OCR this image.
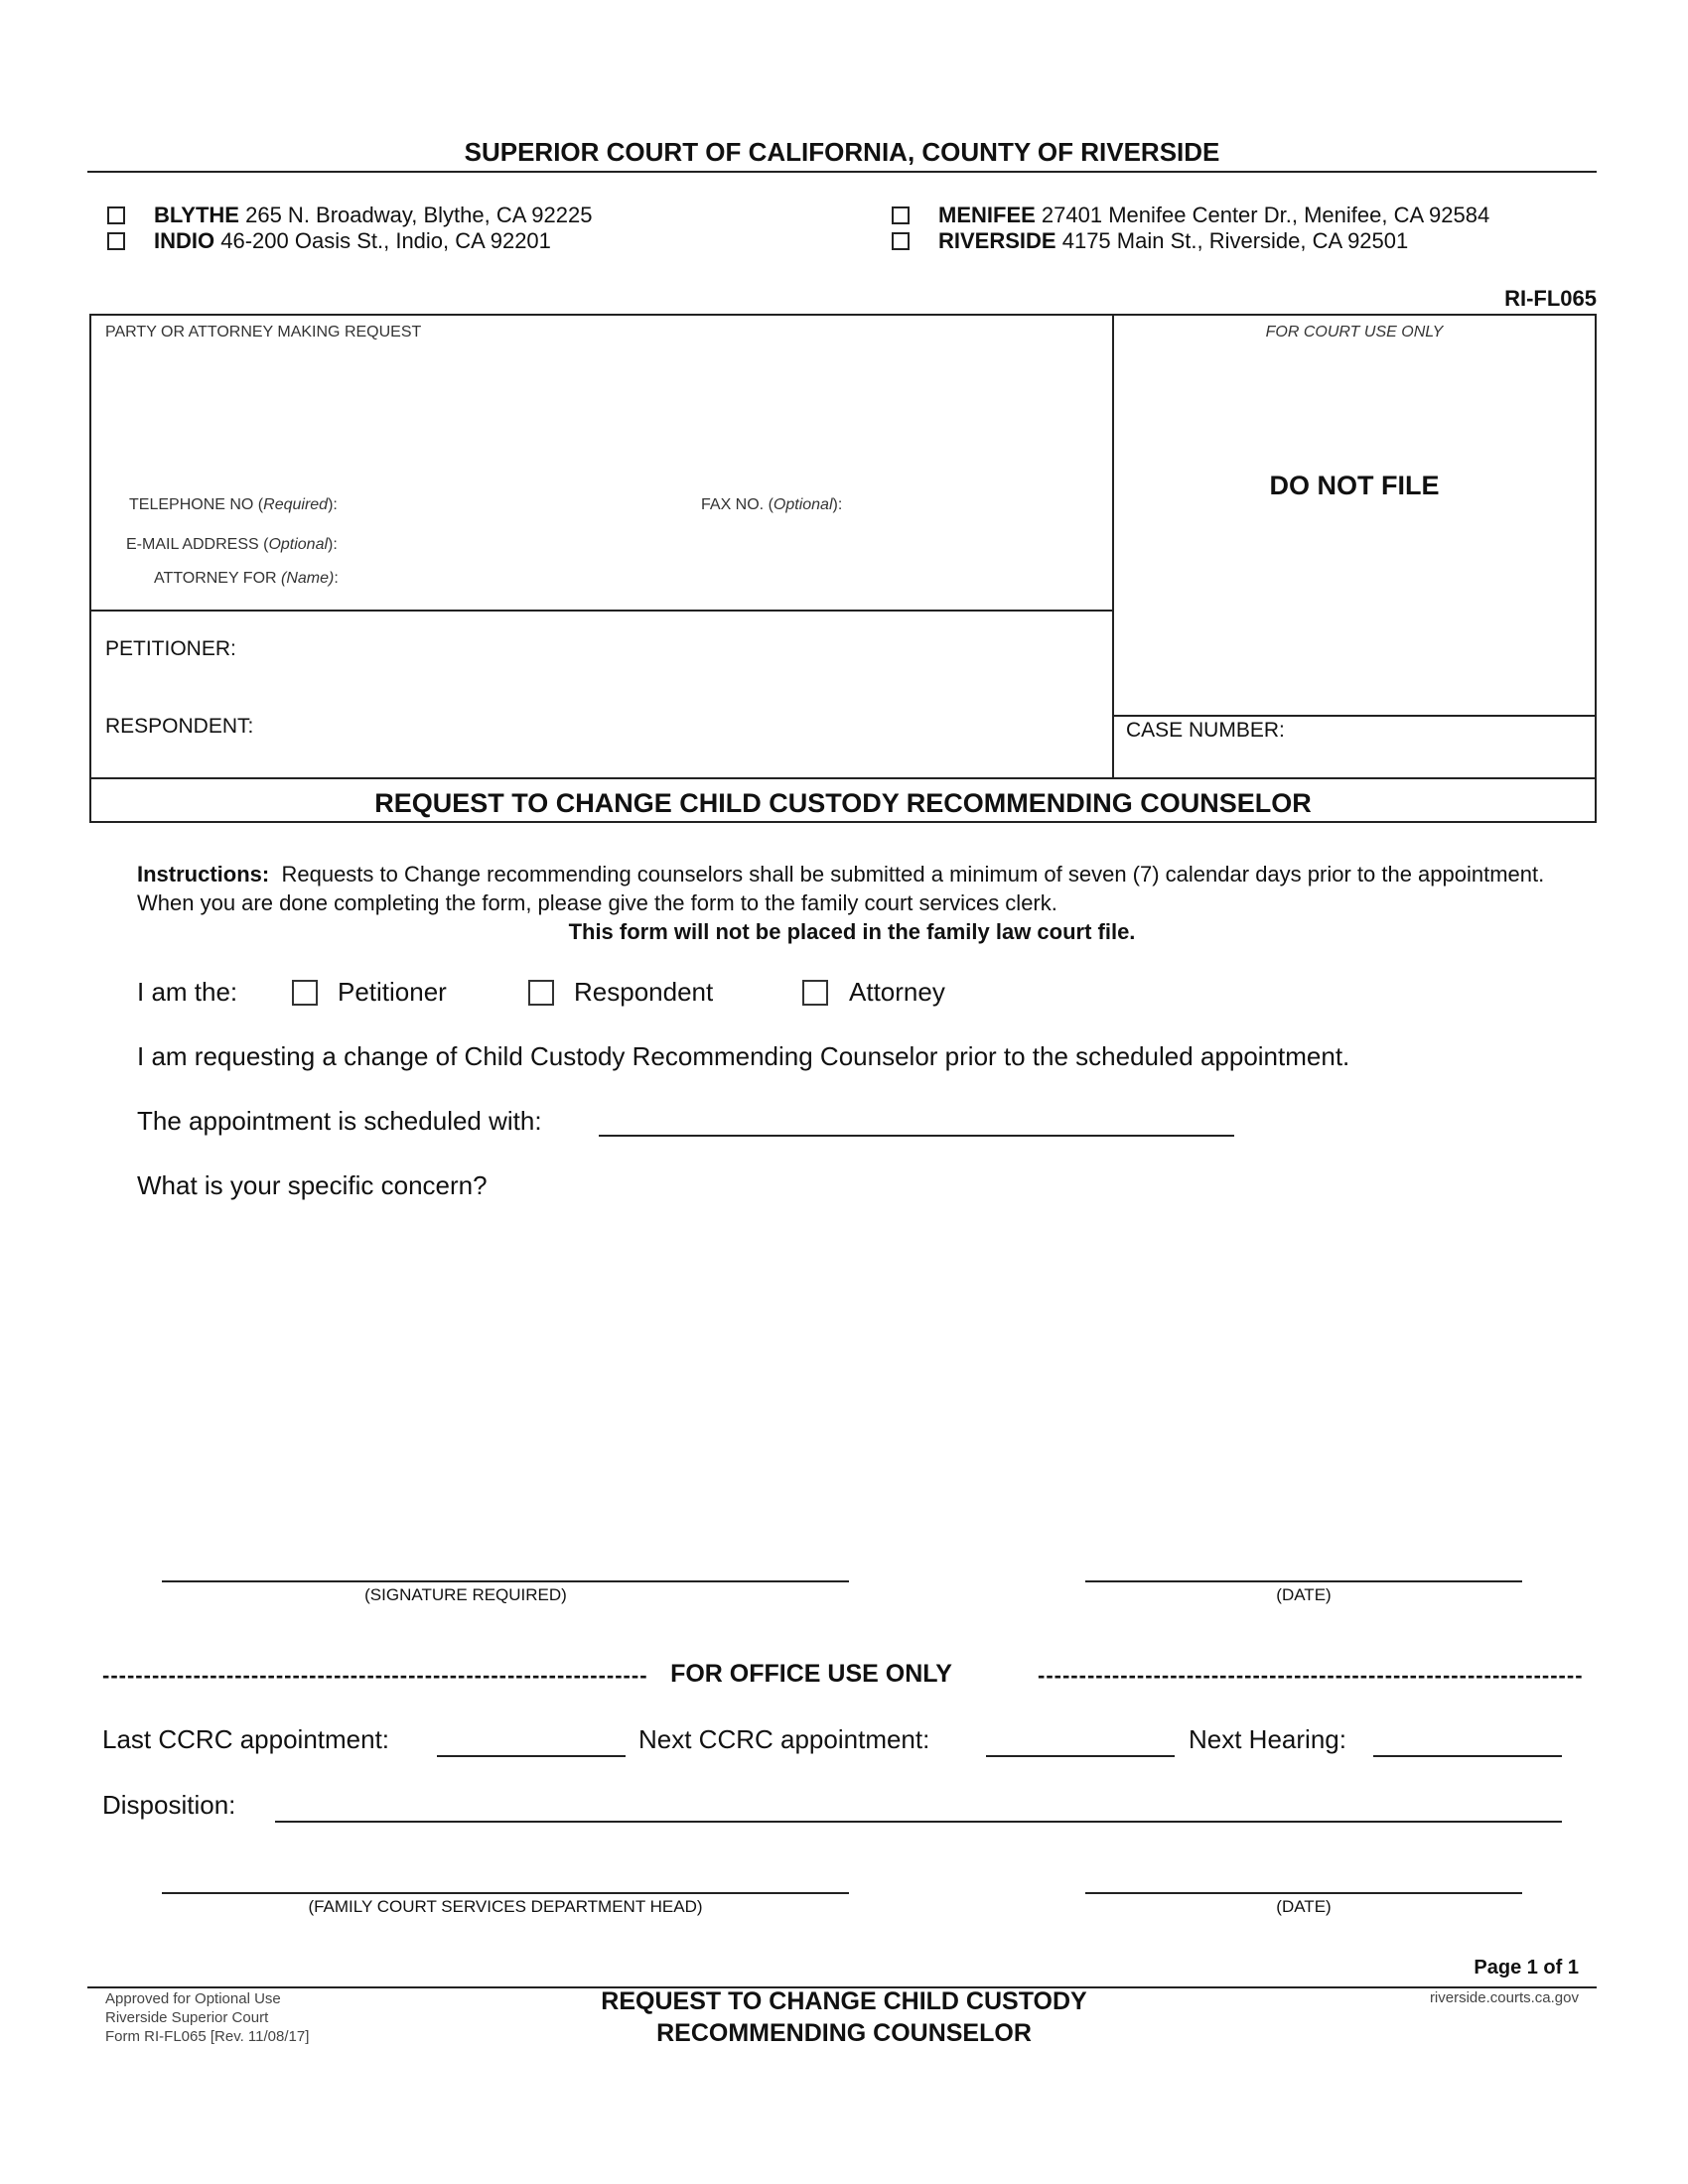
SUPERIOR COURT OF CALIFORNIA, COUNTY OF RIVERSIDE
BLYTHE 265 N. Broadway, Blythe, CA 92225
INDIO 46-200 Oasis St., Indio, CA 92201
MENIFEE 27401 Menifee Center Dr., Menifee, CA 92584
RIVERSIDE 4175 Main St., Riverside, CA 92501
RI-FL065
PARTY OR ATTORNEY MAKING REQUEST	FOR COURT USE ONLY
TELEPHONE NO (Required):	FAX NO. (Optional):
E-MAIL ADDRESS (Optional):
ATTORNEY FOR (Name):
DO NOT FILE
PETITIONER:
RESPONDENT:	CASE NUMBER:
REQUEST TO CHANGE CHILD CUSTODY RECOMMENDING COUNSELOR
Instructions: Requests to Change recommending counselors shall be submitted a minimum of seven (7) calendar days prior to the appointment. When you are done completing the form, please give the form to the family court services clerk.
This form will not be placed in the family law court file.
I am the:	Petitioner	Respondent	Attorney
I am requesting a change of Child Custody Recommending Counselor prior to the scheduled appointment.
The appointment is scheduled with:
What is your specific concern?
(SIGNATURE REQUIRED)	(DATE)
------------------------------------------------------------------ FOR OFFICE USE ONLY	------------------------------------------------------------------
Last CCRC appointment:	Next CCRC appointment:	Next Hearing:
Disposition:
(FAMILY COURT SERVICES DEPARTMENT HEAD)	(DATE)
Page 1 of 1
Approved for Optional Use
Riverside Superior Court
Form RI-FL065 [Rev. 11/08/17]
REQUEST TO CHANGE CHILD CUSTODY
RECOMMENDING COUNSELOR
riverside.courts.ca.gov
